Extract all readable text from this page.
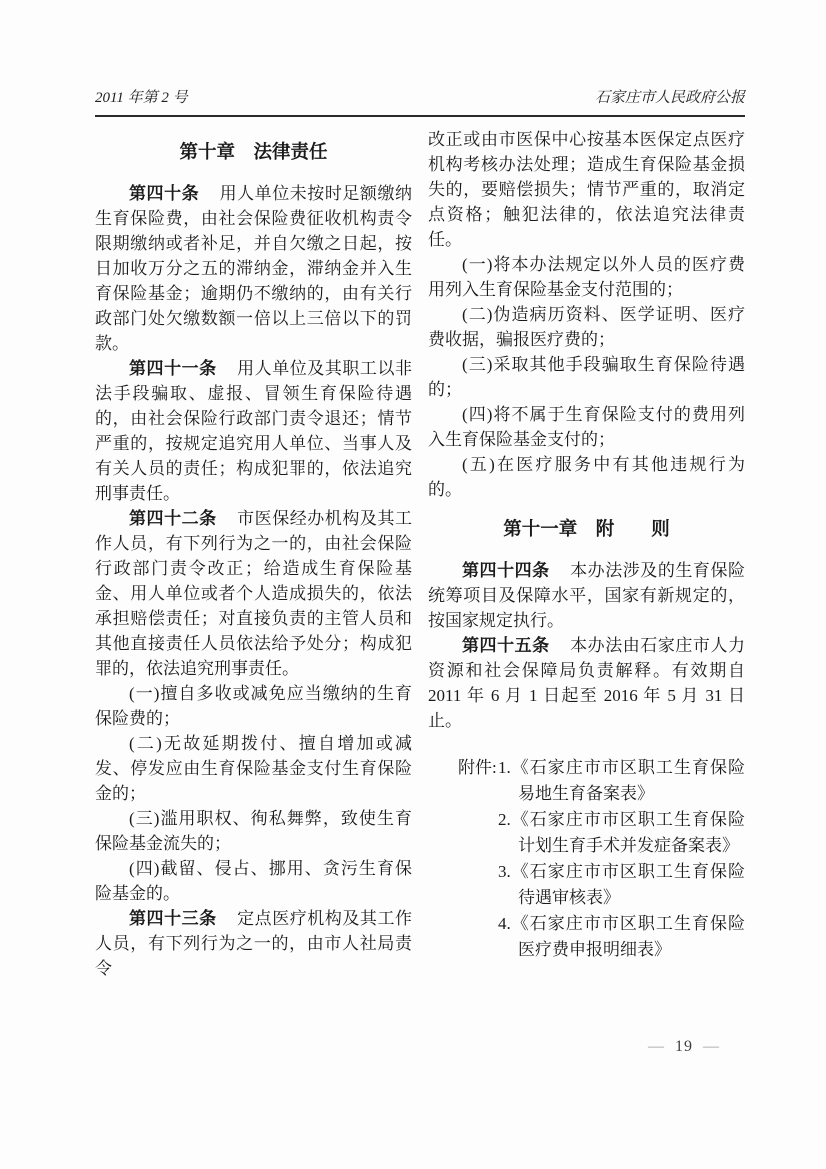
2011 年第 2 号	石家庄市人民政府公报
第十章　法律责任

第四十条 用人单位未按时足额缴纳生育保险费，由社会保险费征收机构责令限期缴纳或者补足，并自欠缴之日起，按日加收万分之五的滞纳金，滞纳金并入生育保险基金；逾期仍不缴纳的，由有关行政部门处欠缴数额一倍以上三倍以下的罚款。

第四十一条 用人单位及其职工以非法手段骗取、虚报、冒领生育保险待遇的，由社会保险行政部门责令退还；情节严重的，按规定追究用人单位、当事人及有关人员的责任；构成犯罪的，依法追究刑事责任。

第四十二条 市医保经办机构及其工作人员，有下列行为之一的，由社会保险行政部门责令改正；给造成生育保险基金、用人单位或者个人造成损失的，依法承担赔偿责任；对直接负责的主管人员和其他直接责任人员依法给予处分；构成犯罪的，依法追究刑事责任。

(一)擅自多收或减免应当缴纳的生育保险费的；

(二)无故延期拨付、擅自增加或减发、停发应由生育保险基金支付生育保险金的；

(三)滥用职权、徇私舞弊，致使生育保险基金流失的；

(四)截留、侵占、挪用、贪污生育保险基金的。

第四十三条 定点医疗机构及其工作人员，有下列行为之一的，由市人社局责令

改正或由市医保中心按基本医保定点医疗机构考核办法处理；造成生育保险基金损失的，要赔偿损失；情节严重的，取消定点资格；触犯法律的，依法追究法律责任。

(一)将本办法规定以外人员的医疗费用列入生育保险基金支付范围的；

(二)伪造病历资料、医学证明、医疗费收据，骗报医疗费的；

(三)采取其他手段骗取生育保险待遇的；

(四)将不属于生育保险支付的费用列入生育保险基金支付的；

(五)在医疗服务中有其他违规行为的。

第十一章　附　　则

第四十四条 本办法涉及的生育保险统筹项目及保障水平，国家有新规定的，按国家规定执行。

第四十五条 本办法由石家庄市人力资源和社会保障局负责解释。有效期自 2011 年 6 月 1 日起至 2016 年 5 月 31 日止。

附件: 1.《石家庄市市区职工生育保险易地生育备案表》
2.《石家庄市市区职工生育保险计划生育手术并发症备案表》
3.《石家庄市市区职工生育保险待遇审核表》
4.《石家庄市市区职工生育保险医疗费申报明细表》
— 19 —
